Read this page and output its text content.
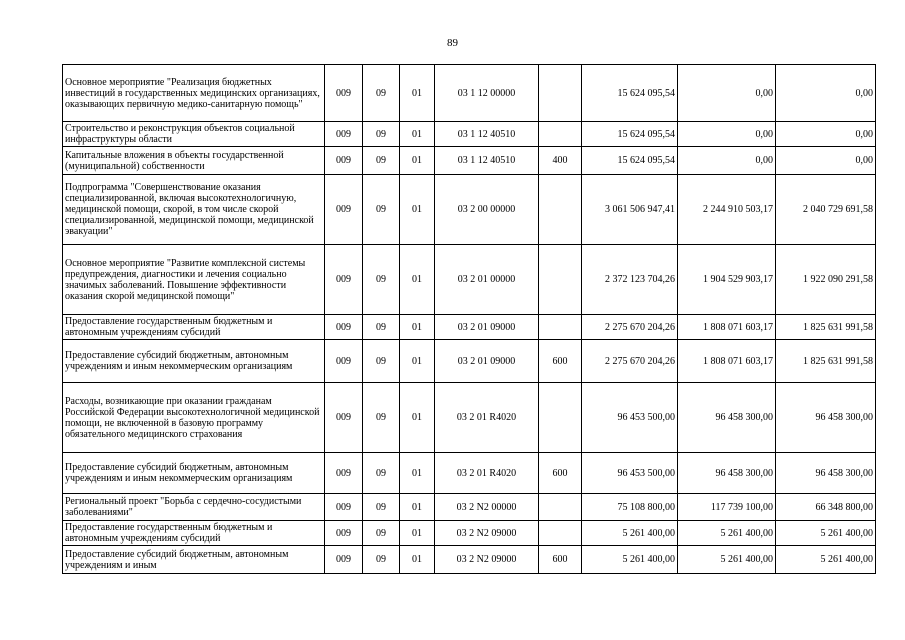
89
Основное мероприятие "Реализация бюджетных инвестиций в государственных медицинских организациях, оказывающих первичную медико-санитарную помощь"	009	09	01	03 1 12 00000		15 624 095,54	0,00	0,00
Строительство и реконструкция объектов социальной инфраструктуры области	009	09	01	03 1 12 40510		15 624 095,54	0,00	0,00
Капитальные вложения в объекты государственной (муниципальной) собственности	009	09	01	03 1 12 40510	400	15 624 095,54	0,00	0,00
Подпрограмма "Совершенствование оказания специализированной, включая высокотехнологичную, медицинской помощи, скорой, в том числе скорой специализированной, медицинской помощи, медицинской эвакуации"	009	09	01	03 2 00 00000		3 061 506 947,41	2 244 910 503,17	2 040 729 691,58
Основное мероприятие "Развитие комплексной системы предупреждения, диагностики и лечения социально значимых заболеваний. Повышение эффективности оказания скорой медицинской помощи"	009	09	01	03 2 01 00000		2 372 123 704,26	1 904 529 903,17	1 922 090 291,58
Предоставление государственным бюджетным и автономным учреждениям субсидий	009	09	01	03 2 01 09000		2 275 670 204,26	1 808 071 603,17	1 825 631 991,58
Предоставление субсидий бюджетным, автономным учреждениям и иным некоммерческим организациям	009	09	01	03 2 01 09000	600	2 275 670 204,26	1 808 071 603,17	1 825 631 991,58
Расходы, возникающие при оказании гражданам Российской Федерации высокотехнологичной медицинской помощи, не включенной в базовую программу обязательного медицинского страхования	009	09	01	03 2 01 R4020		96 453 500,00	96 458 300,00	96 458 300,00
Предоставление субсидий бюджетным, автономным учреждениям и иным некоммерческим организациям	009	09	01	03 2 01 R4020	600	96 453 500,00	96 458 300,00	96 458 300,00
Региональный проект "Борьба с сердечно-сосудистыми заболеваниями"	009	09	01	03 2 N2 00000		75 108 800,00	117 739 100,00	66 348 800,00
Предоставление государственным бюджетным и автономным учреждениям субсидий	009	09	01	03 2 N2 09000		5 261 400,00	5 261 400,00	5 261 400,00
Предоставление субсидий бюджетным, автономным учреждениям и иным	009	09	01	03 2 N2 09000	600	5 261 400,00	5 261 400,00	5 261 400,00
